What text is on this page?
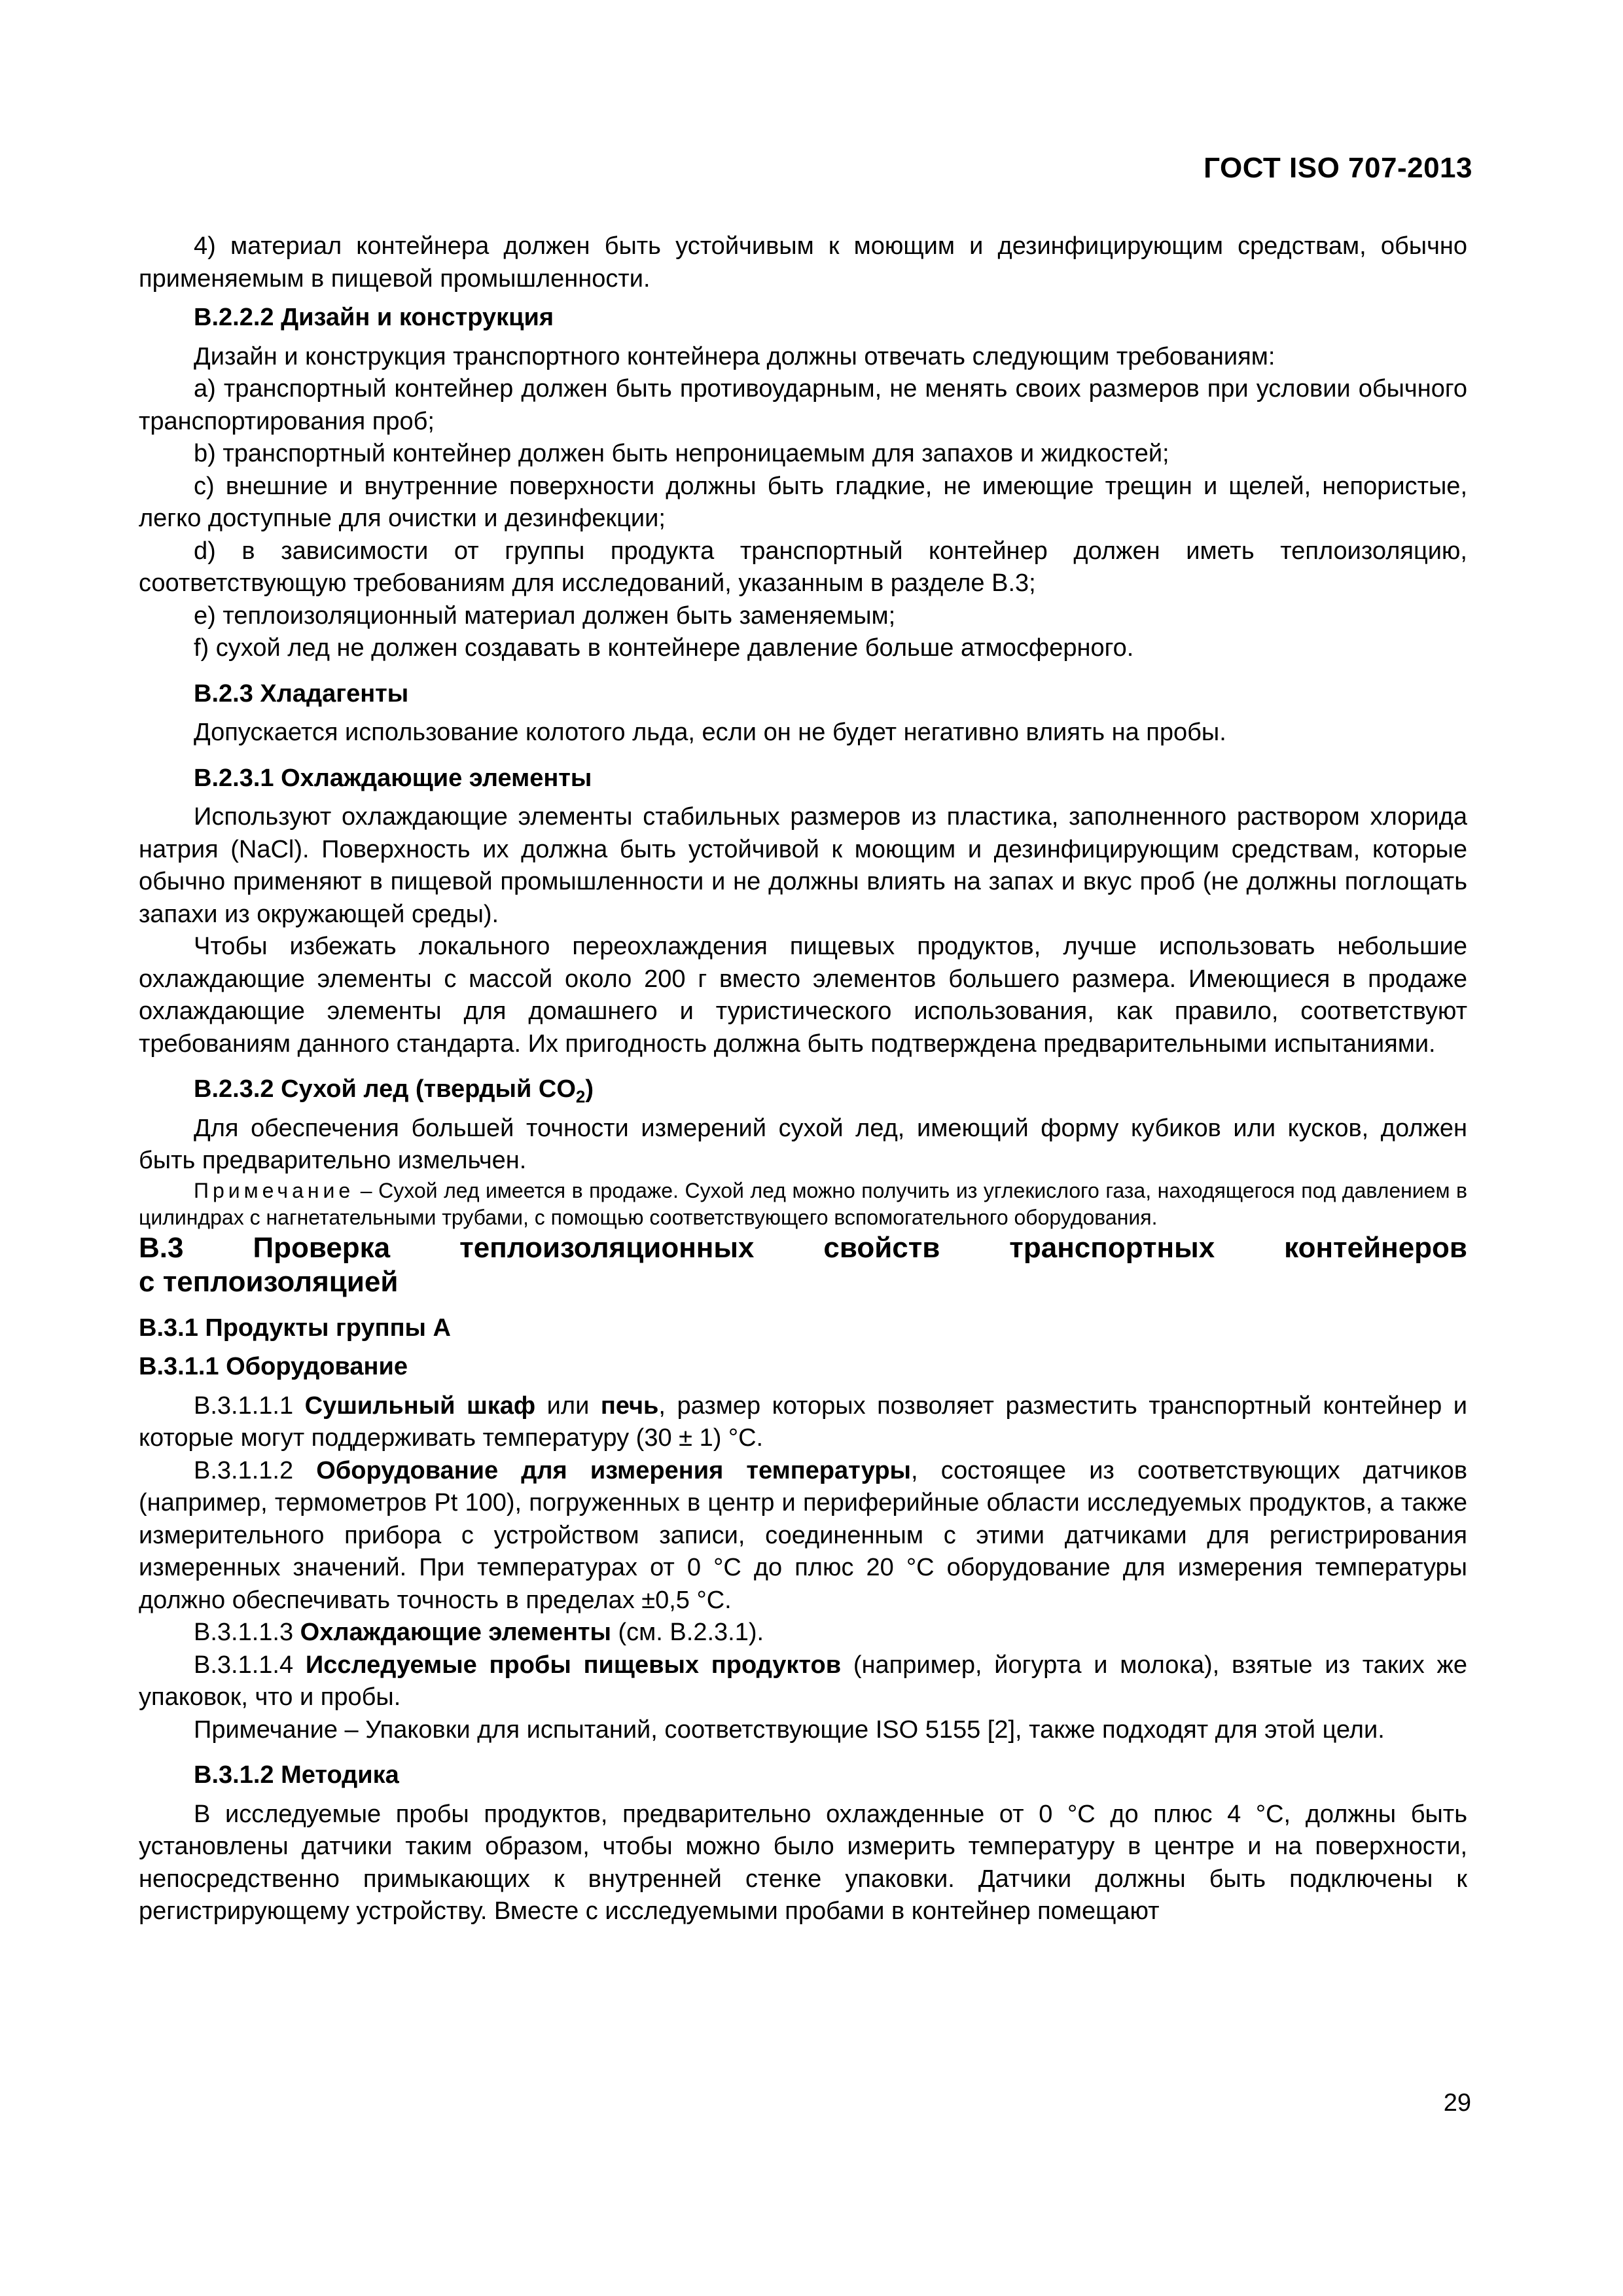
ГОСТ ISO 707-2013

4) материал контейнера должен быть устойчивым к моющим и дезинфицирующим средствам, обычно применяемым в пищевой промышленности.

В.2.2.2 Дизайн и конструкция

Дизайн и конструкция транспортного контейнера должны отвечать следующим требованиям:

а) транспортный контейнер должен быть противоударным, не менять своих размеров при условии обычного транспортирования проб;

b) транспортный контейнер должен быть непроницаемым для запахов и жидкостей;

с) внешние и внутренние поверхности должны быть гладкие, не имеющие трещин и щелей, непористые, легко доступные для очистки и дезинфекции;

d) в зависимости от группы продукта транспортный контейнер должен иметь теплоизоляцию, соответствующую требованиям для исследований, указанным в разделе В.3;

е) теплоизоляционный материал должен быть заменяемым;

f) сухой лед не должен создавать в контейнере давление больше атмосферного.

В.2.3 Хладагенты

Допускается использование колотого льда, если он не будет негативно влиять на пробы.

В.2.3.1 Охлаждающие элементы

Используют охлаждающие элементы стабильных размеров из пластика, заполненного раствором хлорида натрия (NaCl). Поверхность их должна быть устойчивой к моющим и дезинфицирующим средствам, которые обычно применяют в пищевой промышленности и не должны влиять на запах и вкус проб (не должны поглощать запахи из окружающей среды).

Чтобы избежать локального переохлаждения пищевых продуктов, лучше использовать небольшие охлаждающие элементы с массой около 200 г вместо элементов большего размера. Имеющиеся в продаже охлаждающие элементы для домашнего и туристического использования, как правило, соответствуют требованиям данного стандарта. Их пригодность должна быть подтверждена предварительными испытаниями.

В.2.3.2 Сухой лед (твердый $CO_2$)

Для обеспечения большей точности измерений сухой лед, имеющий форму кубиков или кусков, должен быть предварительно измельчен.

Примечание – Сухой лед имеется в продаже. Сухой лед можно получить из углекислого газа, находящегося под давлением в цилиндрах с нагнетательными трубами, с помощью соответствующего вспомогательного оборудования.

В.3 Проверка теплоизоляционных свойств транспортных контейнеров
с теплоизоляцией

В.3.1 Продукты группы А

В.3.1.1 Оборудование

В.3.1.1.1 Сушильный шкаф или печь, размер которых позволяет разместить транспортный контейнер и которые могут поддерживать температуру (30 ± 1) °С.

В.3.1.1.2 Оборудование для измерения температуры, состоящее из соответствующих датчиков (например, термометров Pt 100), погруженных в центр и периферийные области исследуемых продуктов, а также измерительного прибора с устройством записи, соединенным с этими датчиками для регистрирования измеренных значений. При температурах от 0 °С до плюс 20 °С оборудование для измерения температуры должно обеспечивать точность в пределах ±0,5 °С.

В.3.1.1.3 Охлаждающие элементы (см. В.2.3.1).

В.3.1.1.4 Исследуемые пробы пищевых продуктов (например, йогурта и молока), взятые из таких же упаковок, что и пробы.

Примечание – Упаковки для испытаний, соответствующие ISO 5155 [2], также подходят для этой цели.

В.3.1.2 Методика

В исследуемые пробы продуктов, предварительно охлажденные от 0 °С до плюс 4 °С, должны быть установлены датчики таким образом, чтобы можно было измерить температуру в центре и на поверхности, непосредственно примыкающих к внутренней стенке упаковки. Датчики должны быть подключены к регистрирующему устройству. Вместе с исследуемыми пробами в контейнер помещают

29
